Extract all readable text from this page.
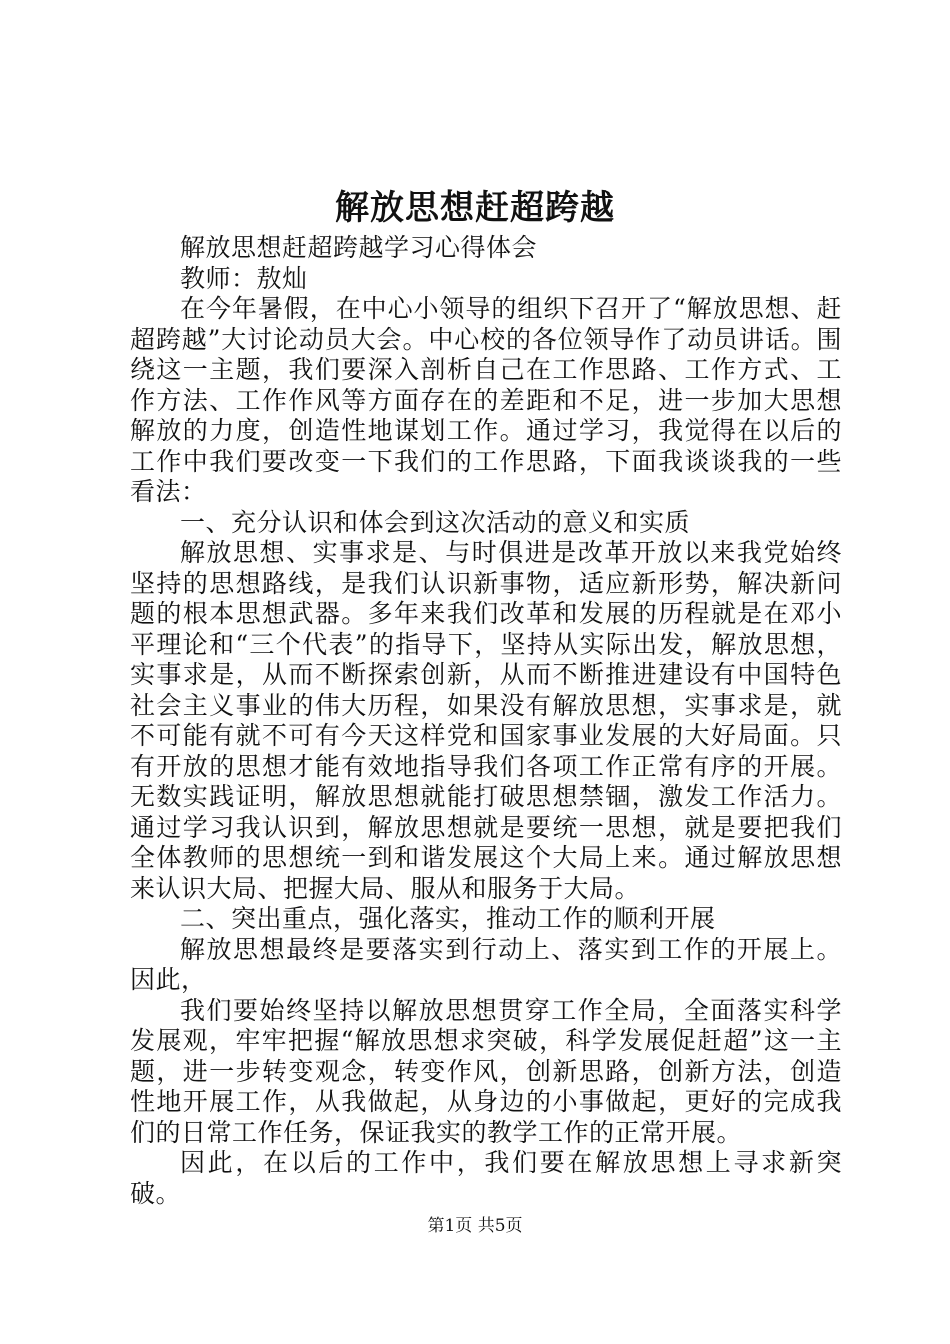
解放思想赶超跨越

解放思想赶超跨越学习心得体会

教师：敖灿

在今年暑假，在中心小领导的组织下召开了“解放思想、赶超跨越”大讨论动员大会。中心校的各位领导作了动员讲话。围绕这一主题，我们要深入剖析自己在工作思路、工作方式、工作方法、工作作风等方面存在的差距和不足，进一步加大思想解放的力度，创造性地谋划工作。通过学习，我觉得在以后的工作中我们要改变一下我们的工作思路，下面我谈谈我的一些看法：

一、充分认识和体会到这次活动的意义和实质

解放思想、实事求是、与时俱进是改革开放以来我党始终坚持的思想路线，是我们认识新事物，适应新形势，解决新问题的根本思想武器。多年来我们改革和发展的历程就是在邓小平理论和“三个代表”的指导下，坚持从实际出发，解放思想，实事求是，从而不断探索创新，从而不断推进建设有中国特色社会主义事业的伟大历程，如果没有解放思想，实事求是，就不可能有就不可有今天这样党和国家事业发展的大好局面。只有开放的思想才能有效地指导我们各项工作正常有序的开展。无数实践证明，解放思想就能打破思想禁锢，激发工作活力。通过学习我认识到，解放思想就是要统一思想，就是要把我们全体教师的思想统一到和谐发展这个大局上来。通过解放思想来认识大局、把握大局、服从和服务于大局。

二、突出重点，强化落实，推动工作的顺利开展

解放思想最终是要落实到行动上、落实到工作的开展上。因此，

我们要始终坚持以解放思想贯穿工作全局，全面落实科学发展观，牢牢把握“解放思想求突破，科学发展促赶超”这一主题，进一步转变观念，转变作风，创新思路，创新方法，创造性地开展工作，从我做起，从身边的小事做起，更好的完成我们的日常工作任务，保证我实的教学工作的正常开展。

因此，在以后的工作中，我们要在解放思想上寻求新突破。

第1页 共5页
